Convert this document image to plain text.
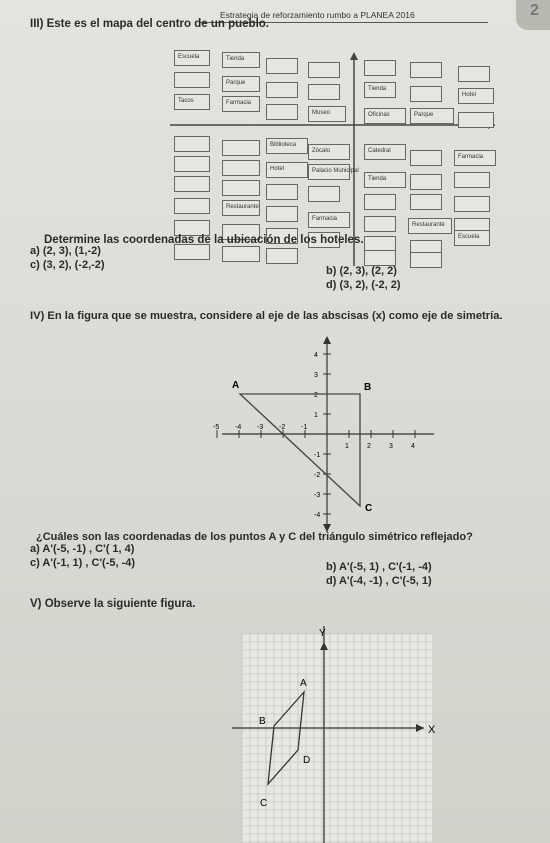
Estrategia de reforzamiento rumbo a PLANEA 2016	2
III) Este es el mapa del centro de un pueblo.
Escuela	Tienda
Parque
Tienda
Hotel
Tacos	Farmacia
Museo	Oficinas	Parque
Biblioteca
Zócalo	Catedral
Farmacia
Hotel	Palacio Municipal
Tienda
Restaurante
Farmacia
Restaurante
Escuela
Determine las coordenadas de la ubicación de los hoteles.
a) (2, 3), (1,-2)
c) (3, 2), (-2,-2)	b) (2, 3), (2, 2)
d) (3, 2), (-2, 2)
IV) En la figura que se muestra, considere al eje de las abscisas (x) como eje de simetría.
-5 -4 -3 -2 -1
1	2	3	4
4
3
2
1
-1
-2
-3
-4
A	B
C
¿Cuáles son las coordenadas de los puntos A y C del triángulo simétrico reflejado?
a) A'(-5, -1) , C'( 1, 4)
c) A'(-1, 1) , C'(-5, -4)	b) A'(-5, 1) , C'(-1, -4)
d) A'(-4, -1) , C'(-5, 1)
V) Observe la siguiente figura.
X
Y
A
B
D
C
